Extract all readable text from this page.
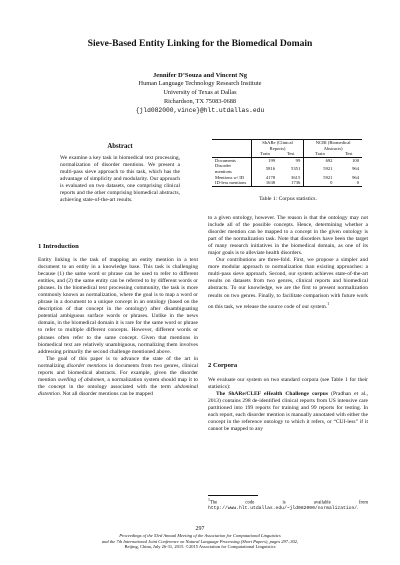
Sieve-Based Entity Linking for the Biomedical Domain
Jennifer D’Souza and Vincent Ng
Human Language Technology Research Institute
University of Texas at Dallas
Richardson, TX 75083-0688
{jld082000,vince}@hlt.utdallas.edu
Abstract

We examine a key task in biomedical text processing, normalization of disorder mentions. We present a multi-pass sieve approach to this task, which has the advantage of simplicity and modularity. Our approach is evaluated on two datasets, one comprising clinical reports and the other comprising biomedical abstracts, achieving state-of-the-art results.

1 Introduction

Entity linking is the task of mapping an entity mention in a text document to an entity in a knowledge base. This task is challenging because (1) the same word or phrase can be used to refer to different entities, and (2) the same entity can be referred to by different words or phrases. In the biomedical text processing community, the task is more commonly known as normalization, where the goal is to map a word or phrase in a document to a unique concept in an ontology (based on the description of that concept in the ontology) after disambiguating potential ambiguous surface words or phrases. Unlike in the news domain, in the biomedical domain it is rare for the same word or phrase to refer to multiple different concepts. However, different words or phrases often refer to the same concept. Given that mentions in biomedical text are relatively unambiguous, normalizing them involves addressing primarily the second challenge mentioned above.

The goal of this paper is to advance the state of the art in normalizing disorder mentions in documents from two genres, clinical reports and biomedical abstracts. For example, given the disorder mention swelling of abdomen, a normalization system should map it to the concept in the ontology associated with the term abdominal distention. Not all disorder mentions can be mapped

	ShARe (Clinical Reports)		NCBI (Biomedical Abstracts)	
	Train	Test	Train	Test
Documents	199	99	692	100
Disorder mentions	5816	5351	5921	964
Mentions w/ ID	4178	3615	5921	964
ID-less mentions	1638	1736	0	0
Table 1: Corpus statistics.

to a given ontology, however. The reason is that the ontology may not include all of the possible concepts. Hence, determining whether a disorder mention can be mapped to a concept in the given ontology is part of the normalization task. Note that disorders have been the target of many research initiatives in the biomedical domain, as one of its major goals is to alleviate health disorders.

Our contributions are three-fold. First, we propose a simpler and more modular approach to normalization than existing approaches: a multi-pass sieve approach. Second, our system achieves state-of-the-art results on datasets from two genres, clinical reports and biomedical abstracts. To our knowledge, we are the first to present normalization results on two genres. Finally, to facilitate comparison with future work on this task, we release the source code of our system.$^1$

2 Corpora

We evaluate our system on two standard corpora (see Table 1 for their statistics):

The ShARe/CLEF eHealth Challenge corpus (Pradhan et al., 2013) contains 298 de-identified clinical reports from US intensive care partitioned into 199 reports for training and 99 reports for testing. In each report, each disorder mention is manually annotated with either the concept in the reference ontology to which it refers, or “CUI-less” if it cannot be mapped to any

$^1$The code is available from http://www.hlt.utdallas.edu/~jld082000/normalization/.
297
Proceedings of the 53rd Annual Meeting of the Association for Computational Linguistics
and the 7th International Joint Conference on Natural Language Processing (Short Papers), pages 297–302,
Beijing, China, July 26-31, 2015. ©2015 Association for Computational Linguistics
